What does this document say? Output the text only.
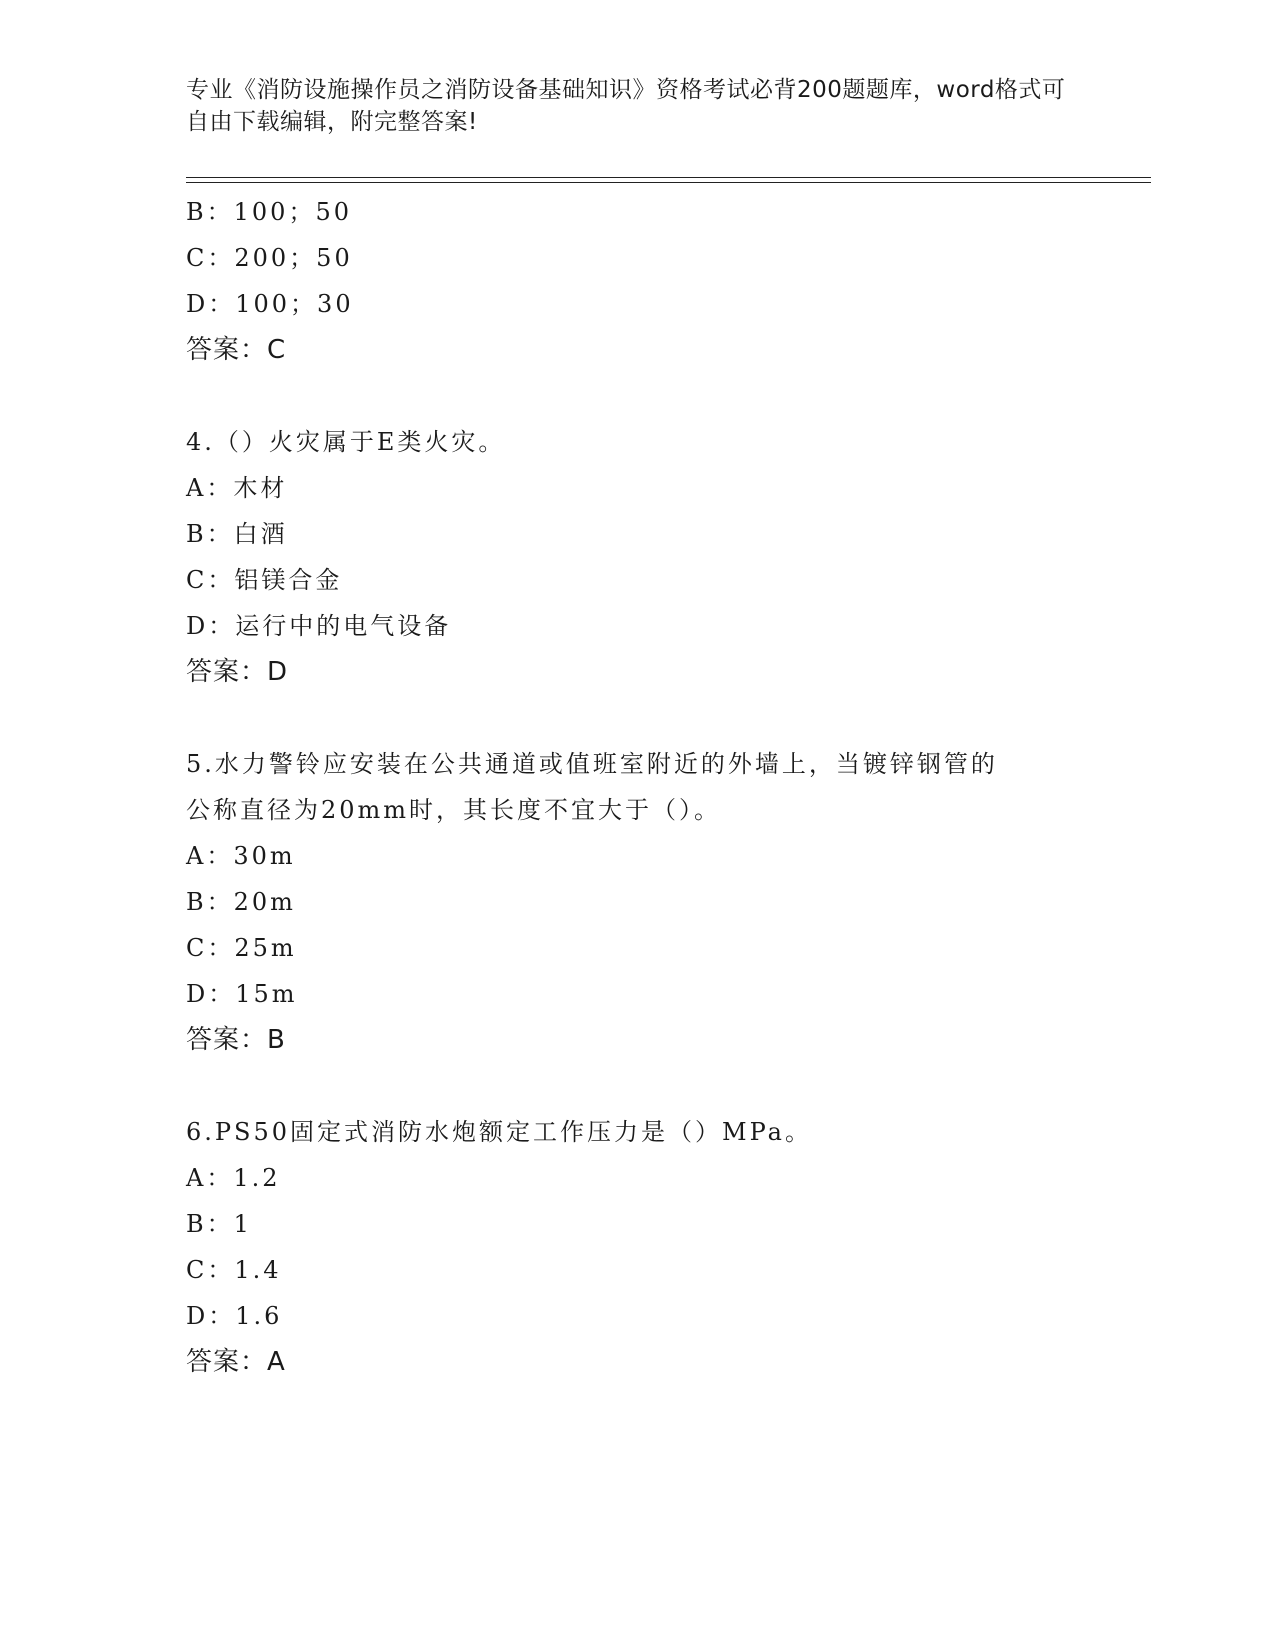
专业《消防设施操作员之消防设备基础知识》资格考试必背200题题库，word格式可自由下载编辑，附完整答案!
B：100；50
C：200；50
D：100；30
答案：C
4.（）火灾属于E类火灾。
A：木材
B：白酒
C：铝镁合金
D：运行中的电气设备
答案：D
5.水力警铃应安装在公共通道或值班室附近的外墙上，当镀锌钢管的
公称直径为20mm时，其长度不宜大于（）。
A：30m
B：20m
C：25m
D：15m
答案：B
6.PS50固定式消防水炮额定工作压力是（）MPa。
A：1.2
B：1
C：1.4
D：1.6
答案：A
